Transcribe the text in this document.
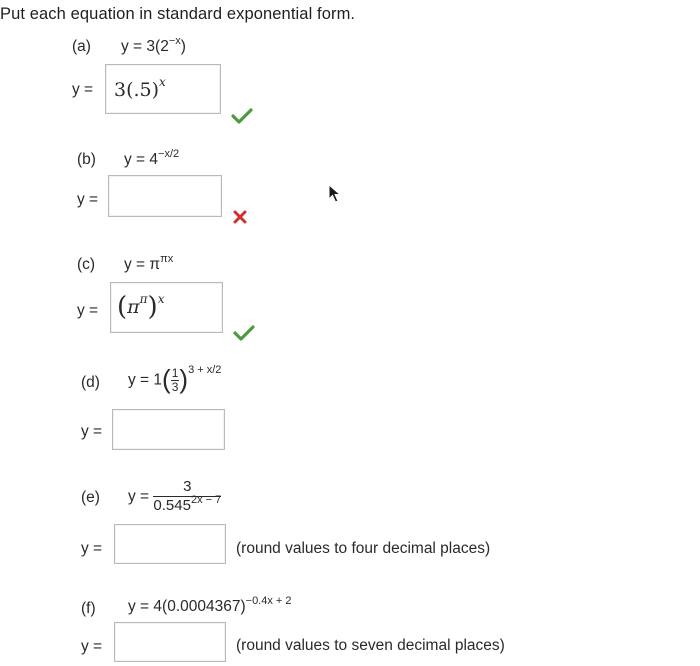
Put each equation in standard exponential form.
(a) $y = 3(2^{-x})$
$y = 3(.5)^x$
(b) $y = 4^{-x/2}$
y =
(c) $y = \pi^{\pi x}$
$y = (\pi^\pi)^x$
(d) $y = 1( \frac{1}{3} )^{3 + x/2}$
y =
(e) $y = \frac{3}{0.545^{2x - 7}}$
y =	(round values to four decimal places)
(f) $y = 4(0.0004367)^{-0.4x + 2}$
y =	(round values to seven decimal places)
